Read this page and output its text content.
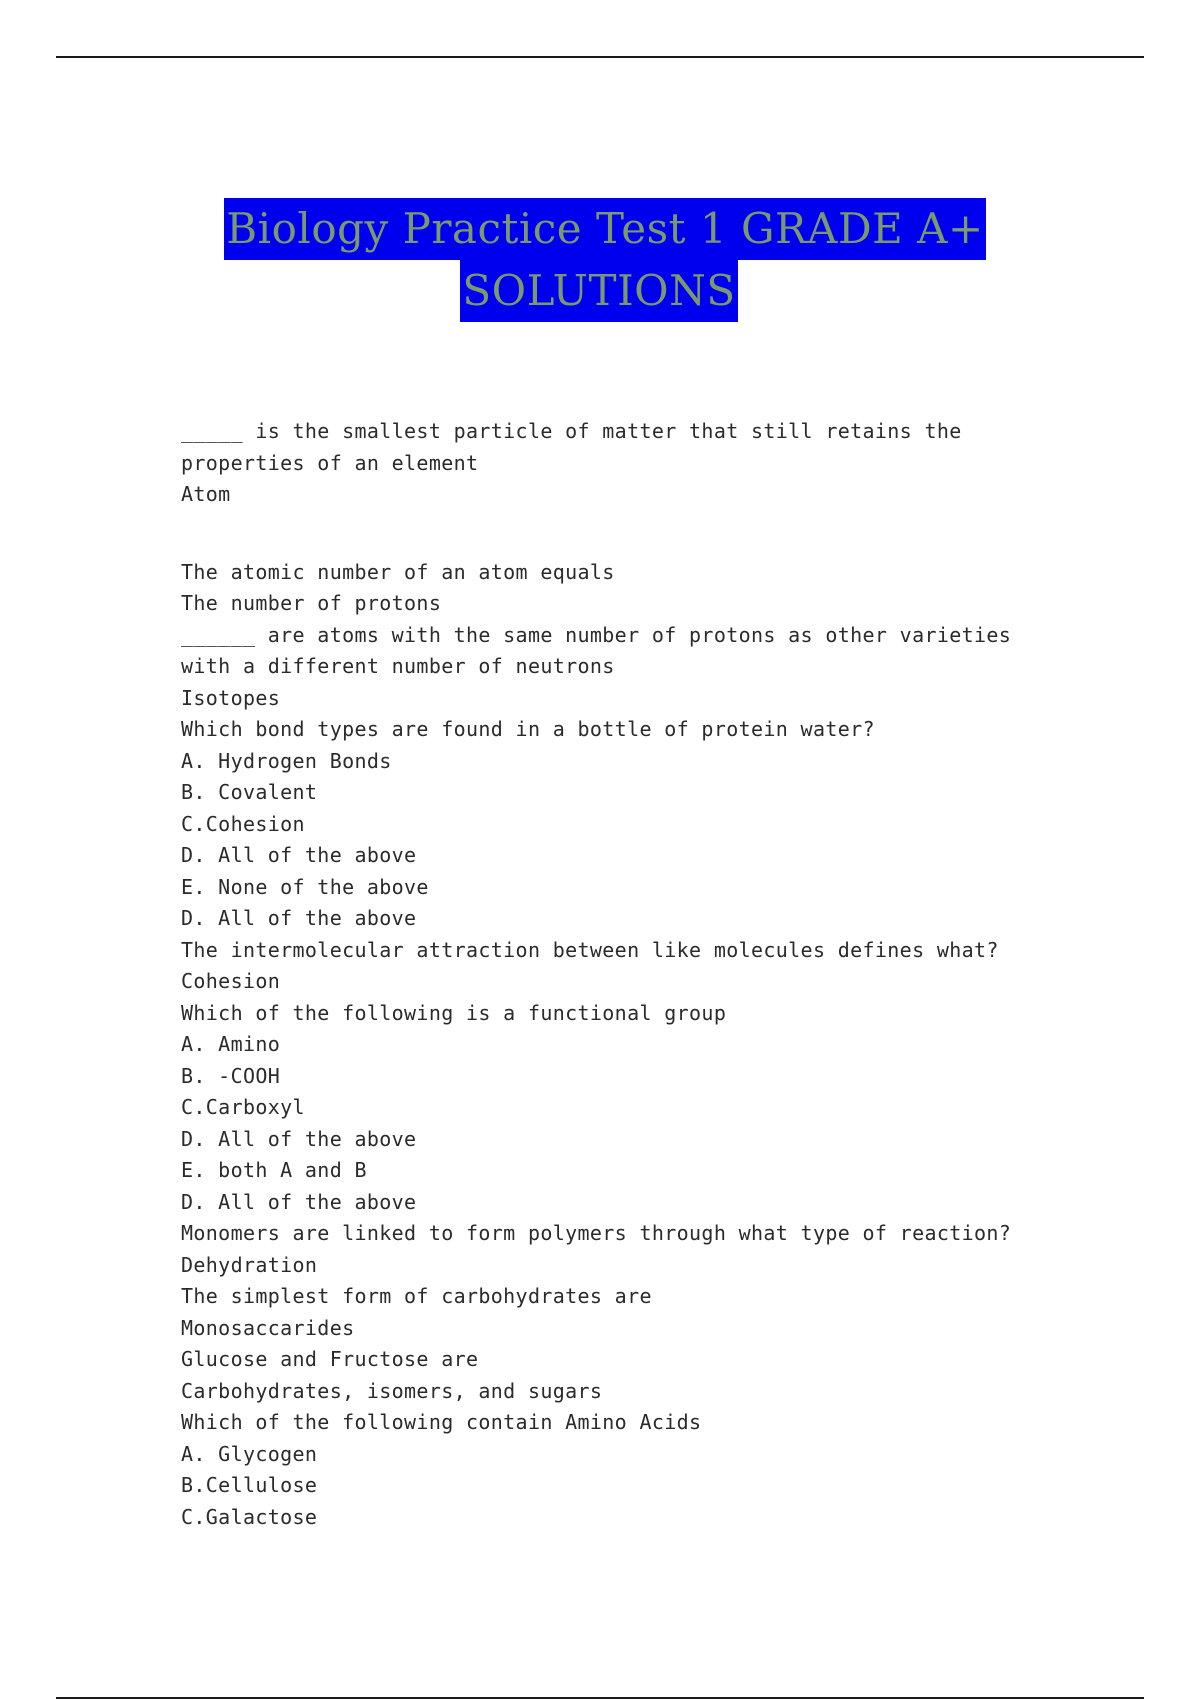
Biology Practice Test 1 GRADE A+
SOLUTIONS
_____ is the smallest particle of matter that still retains the
properties of an element
Atom
The atomic number of an atom equals
The number of protons
______ are atoms with the same number of protons as other varieties
with a different number of neutrons
Isotopes
Which bond types are found in a bottle of protein water?
A. Hydrogen Bonds
B. Covalent
C.Cohesion
D. All of the above
E. None of the above
D. All of the above
The intermolecular attraction between like molecules defines what?
Cohesion
Which of the following is a functional group
A. Amino
B. -COOH
C.Carboxyl
D. All of the above
E. both A and B
D. All of the above
Monomers are linked to form polymers through what type of reaction?
Dehydration
The simplest form of carbohydrates are
Monosaccarides
Glucose and Fructose are
Carbohydrates, isomers, and sugars
Which of the following contain Amino Acids
A. Glycogen
B.Cellulose
C.Galactose
